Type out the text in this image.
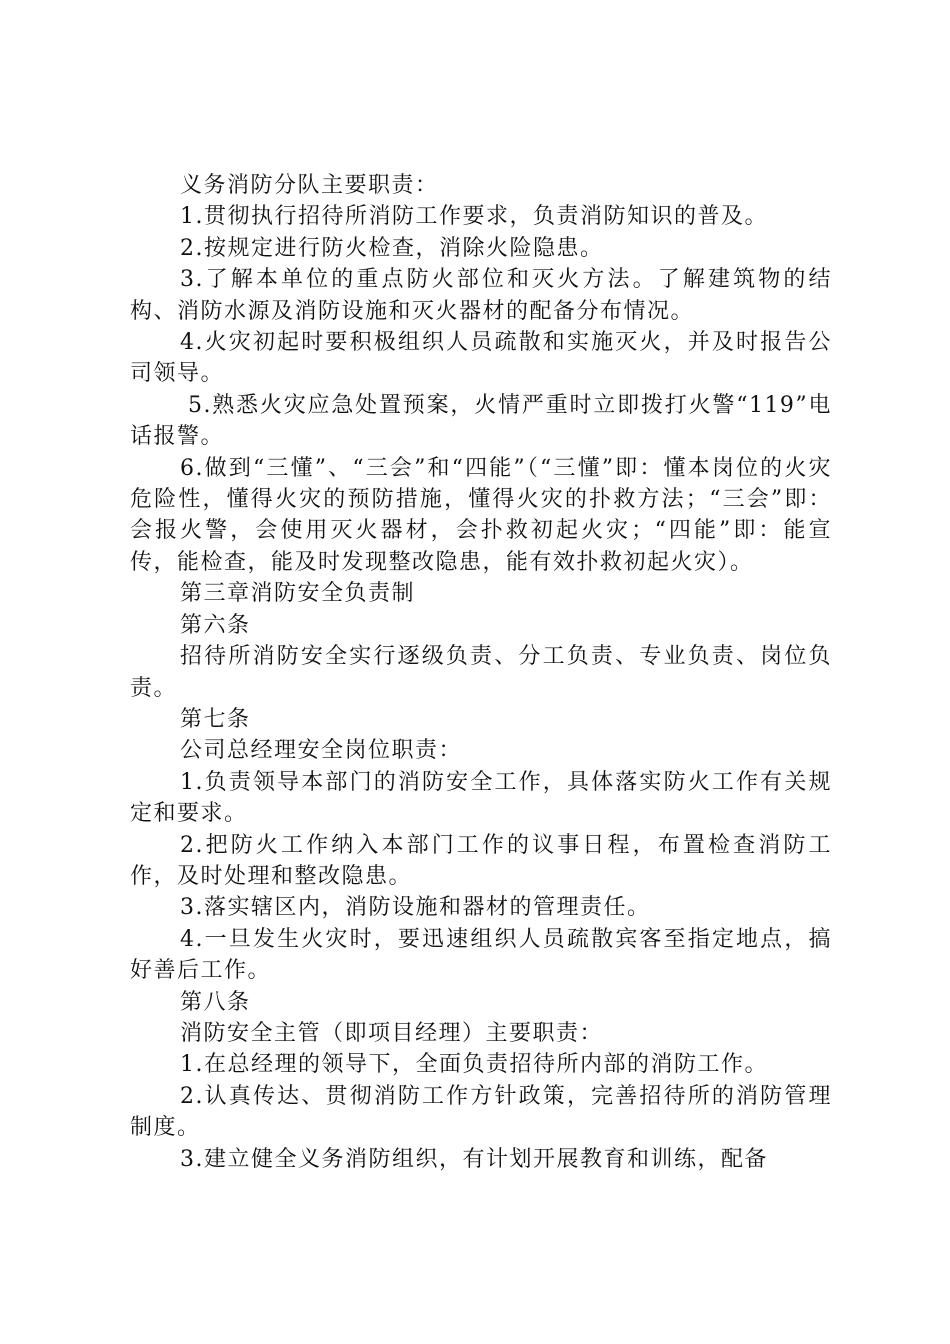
义务消防分队主要职责：

1.贯彻执行招待所消防工作要求，负责消防知识的普及。

2.按规定进行防火检查，消除火险隐患。

3.了解本单位的重点防火部位和灭火方法。了解建筑物的结构、消防水源及消防设施和灭火器材的配备分布情况。

4.火灾初起时要积极组织人员疏散和实施灭火，并及时报告公司领导。

5.熟悉火灾应急处置预案，火情严重时立即拨打火警“119”电话报警。

6.做到“三懂”、“三会”和“四能”（“三懂”即：懂本岗位的火灾危险性，懂得火灾的预防措施，懂得火灾的扑救方法；“三会”即：会报火警，会使用灭火器材，会扑救初起火灾；“四能”即：能宣传，能检查，能及时发现整改隐患，能有效扑救初起火灾）。

第三章消防安全负责制

第六条

招待所消防安全实行逐级负责、分工负责、专业负责、岗位负责。

第七条

公司总经理安全岗位职责：

1.负责领导本部门的消防安全工作，具体落实防火工作有关规定和要求。

2.把防火工作纳入本部门工作的议事日程，布置检查消防工作，及时处理和整改隐患。

3.落实辖区内，消防设施和器材的管理责任。

4.一旦发生火灾时，要迅速组织人员疏散宾客至指定地点，搞好善后工作。

第八条

消防安全主管（即项目经理）主要职责：

1.在总经理的领导下，全面负责招待所内部的消防工作。

2.认真传达、贯彻消防工作方针政策，完善招待所的消防管理制度。

3.建立健全义务消防组织，有计划开展教育和训练，配备
